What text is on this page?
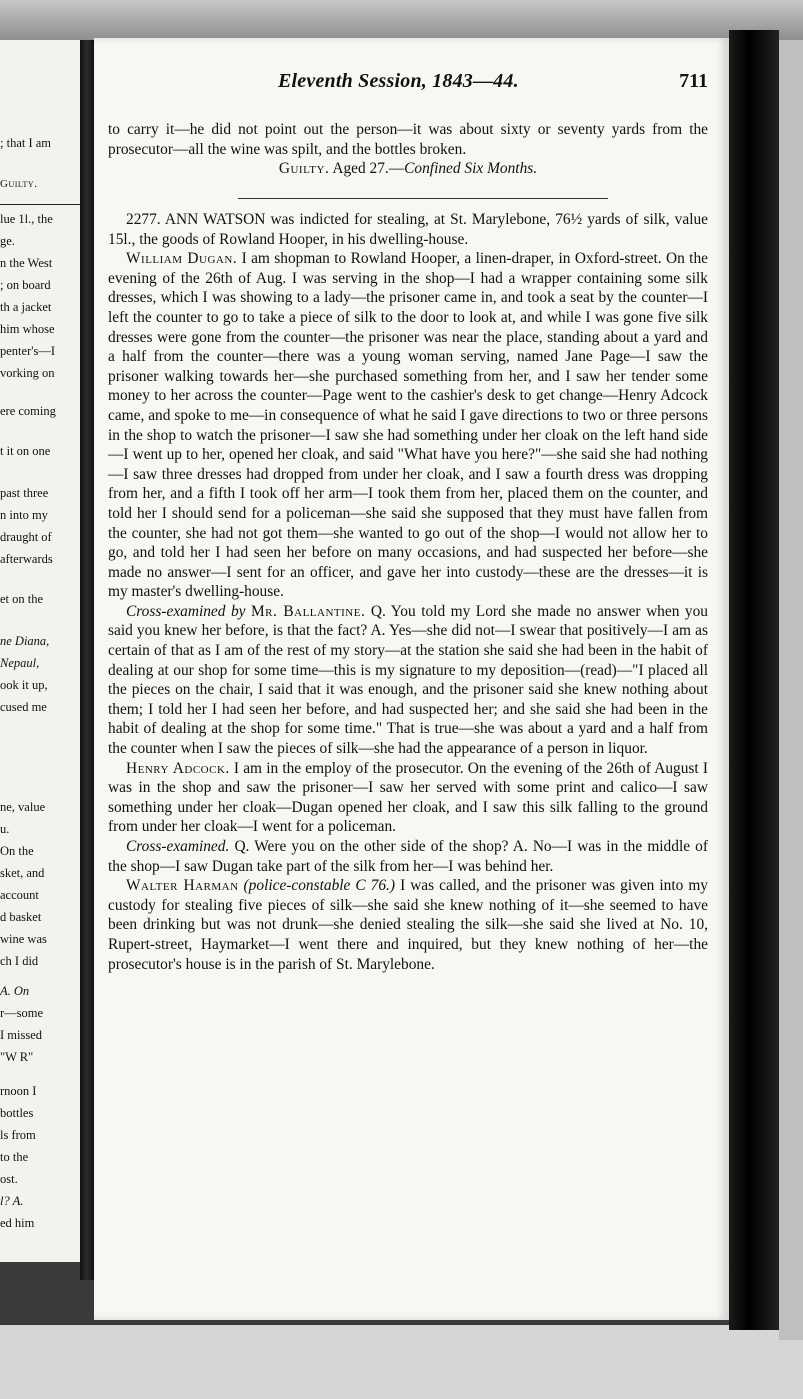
; that I am
Guilty.
lue 1l., the
ge.
n the West
; on board
th a jacket
him whose
penter's—I
vorking on
ere coming
t it on one
past three
n into my
draught of
afterwards
et on the
ne Diana,
Nepaul,
ook it up,
cused me
ne, value
u.
On the
sket, and
account
d basket
wine was
ch I did
A. On
r—some
I missed
"W R"
rnoon I
bottles
ls from
to the
ost.
l? A.
ed him
Eleventh Session, 1843—44.	711

to carry it—he did not point out the person—it was about sixty or seventy yards from the prosecutor—all the wine was spilt, and the bottles broken.

Guilty. Aged 27.—Confined Six Months.

2277. ANN WATSON was indicted for stealing, at St. Marylebone, 76½ yards of silk, value 15l., the goods of Rowland Hooper, in his dwelling-house.

William Dugan. I am shopman to Rowland Hooper, a linen-draper, in Oxford-street. On the evening of the 26th of Aug. I was serving in the shop—I had a wrapper containing some silk dresses, which I was showing to a lady—the prisoner came in, and took a seat by the counter—I left the counter to go to take a piece of silk to the door to look at, and while I was gone five silk dresses were gone from the counter—the prisoner was near the place, standing about a yard and a half from the counter—there was a young woman serving, named Jane Page—I saw the prisoner walking towards her—she purchased something from her, and I saw her tender some money to her across the counter—Page went to the cashier's desk to get change—Henry Adcock came, and spoke to me—in consequence of what he said I gave directions to two or three persons in the shop to watch the prisoner—I saw she had something under her cloak on the left hand side—I went up to her, opened her cloak, and said "What have you here?"—she said she had nothing—I saw three dresses had dropped from under her cloak, and I saw a fourth dress was dropping from her, and a fifth I took off her arm—I took them from her, placed them on the counter, and told her I should send for a policeman—she said she supposed that they must have fallen from the counter, she had not got them—she wanted to go out of the shop—I would not allow her to go, and told her I had seen her before on many occasions, and had suspected her before—she made no answer—I sent for an officer, and gave her into custody—these are the dresses—it is my master's dwelling-house.

Cross-examined by Mr. Ballantine. Q. You told my Lord she made no answer when you said you knew her before, is that the fact? A. Yes—she did not—I swear that positively—I am as certain of that as I am of the rest of my story—at the station she said she had been in the habit of dealing at our shop for some time—this is my signature to my deposition—(read)—"I placed all the pieces on the chair, I said that it was enough, and the prisoner said she knew nothing about them; I told her I had seen her before, and had suspected her; and she said she had been in the habit of dealing at the shop for some time." That is true—she was about a yard and a half from the counter when I saw the pieces of silk—she had the appearance of a person in liquor.

Henry Adcock. I am in the employ of the prosecutor. On the evening of the 26th of August I was in the shop and saw the prisoner—I saw her served with some print and calico—I saw something under her cloak—Dugan opened her cloak, and I saw this silk falling to the ground from under her cloak—I went for a policeman.

Cross-examined. Q. Were you on the other side of the shop? A. No—I was in the middle of the shop—I saw Dugan take part of the silk from her—I was behind her.

Walter Harman (police-constable C 76.) I was called, and the prisoner was given into my custody for stealing five pieces of silk—she said she knew nothing of it—she seemed to have been drinking but was not drunk—she denied stealing the silk—she said she lived at No. 10, Rupert-street, Haymarket—I went there and inquired, but they knew nothing of her—the prosecutor's house is in the parish of St. Marylebone.
